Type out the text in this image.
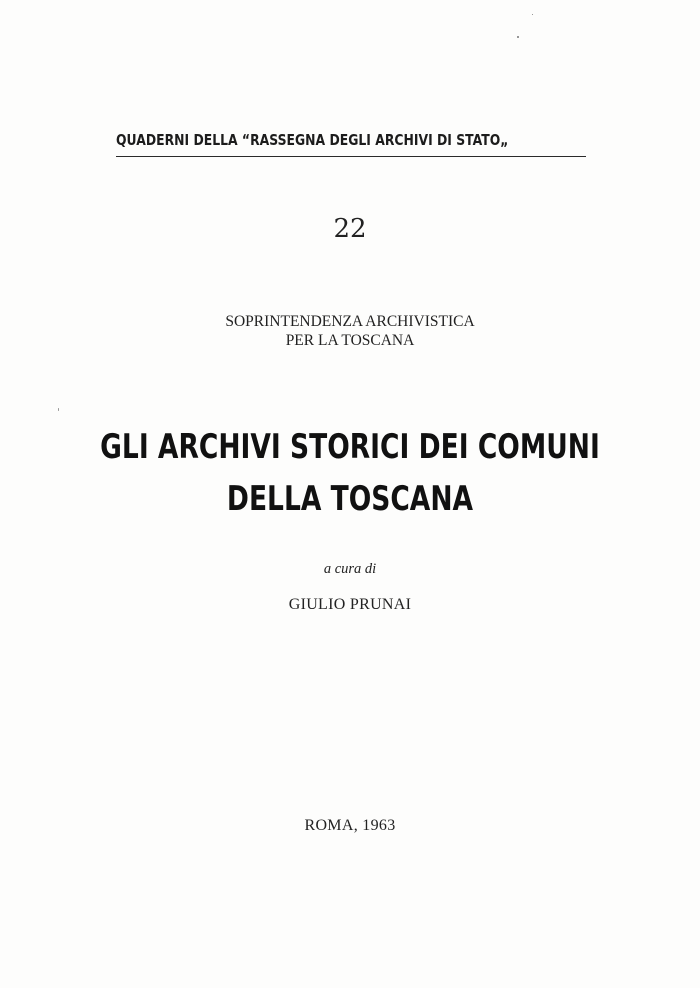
QUADERNI DELLA “RASSEGNA DEGLI ARCHIVI DI STATO„
22
SOPRINTENDENZA ARCHIVISTICA
PER LA TOSCANA
GLI ARCHIVI STORICI DEI COMUNI
DELLA TOSCANA
a cura di
GIULIO PRUNAI
ROMA, 1963
